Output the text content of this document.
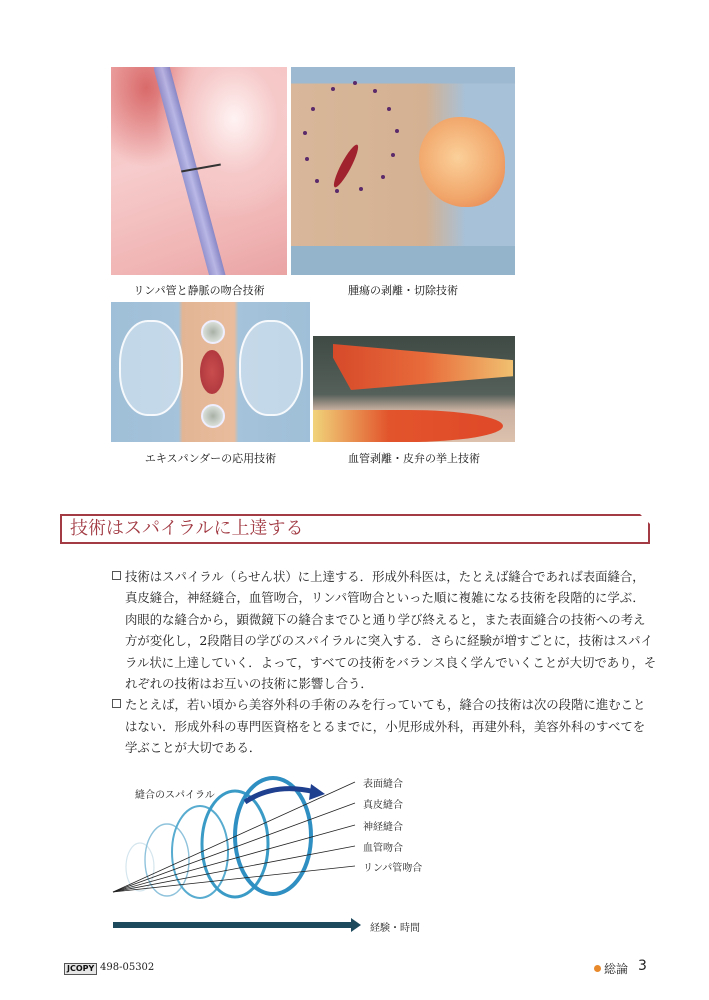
リンパ管と静脈の吻合技術	腫瘍の剥離・切除技術
エキスパンダーの応用技術	血管剥離・皮弁の挙上技術
技術はスパイラルに上達する

技術はスパイラル（らせん状）に上達する．形成外科医は，たとえば縫合であれば表面縫合，真皮縫合，神経縫合，血管吻合，リンパ管吻合といった順に複雑になる技術を段階的に学ぶ．肉眼的な縫合から，顕微鏡下の縫合までひと通り学び終えると，また表面縫合の技術への考え方が変化し，2段階目の学びのスパイラルに突入する．さらに経験が増すごとに，技術はスパイラル状に上達していく．よって，すべての技術をバランス良く学んでいくことが大切であり，それぞれの技術はお互いの技術に影響し合う．

たとえば，若い頃から美容外科の手術のみを行っていても，縫合の技術は次の段階に進むことはない．形成外科の専門医資格をとるまでに，小児形成外科，再建外科，美容外科のすべてを学ぶことが大切である．

縫合のスパイラル
表面縫合
真皮縫合
神経縫合
血管吻合
リンパ管吻合
経験・時間
JCOPY 498-05302	総論 3
